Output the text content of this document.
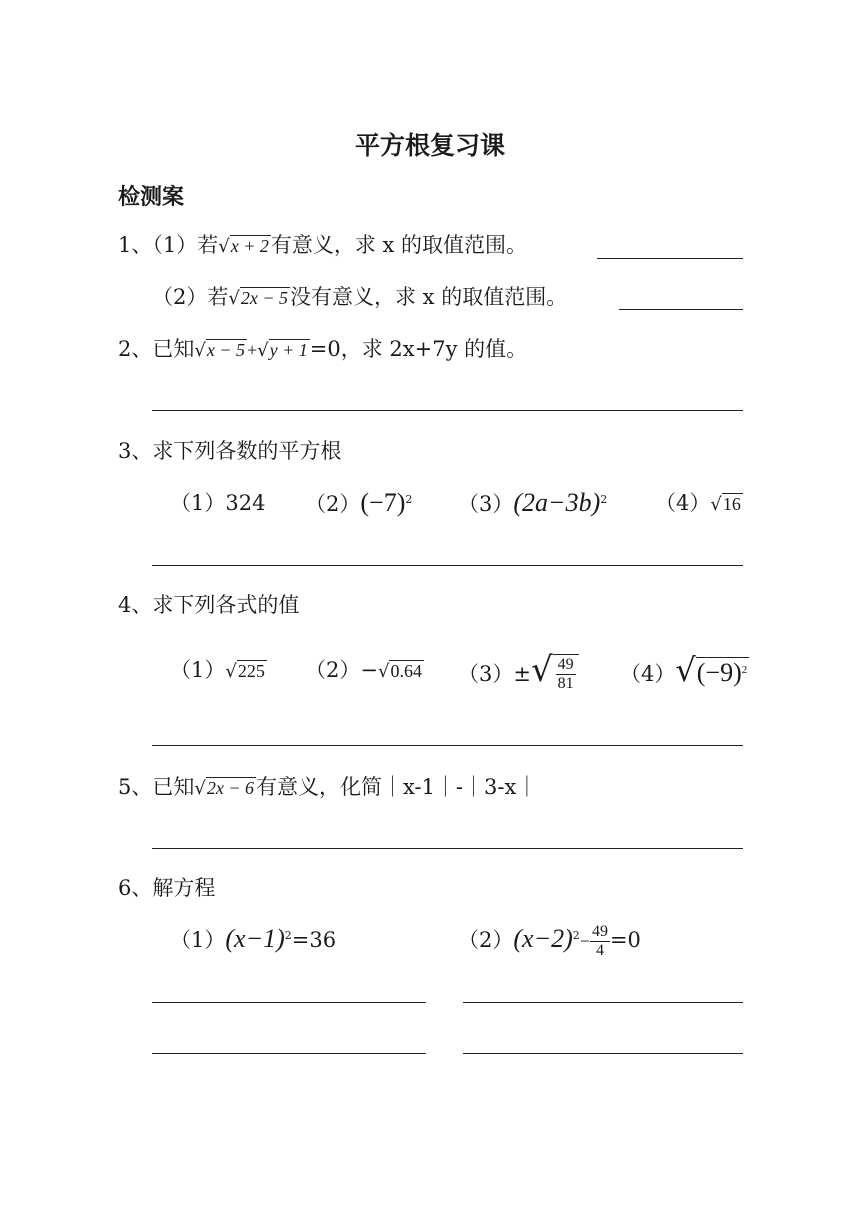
平方根复习课
检测案
1、（1）若√x + 2有意义，求 x 的取值范围。
（2）若√2x − 5没有意义，求 x 的取值范围。
2、已知√x − 5 +√y + 1=0，求 2x+7y 的值。
3、求下列各数的平方根
（1）324 $(2)(-7)^2$ $(3)(2a-3b)^2$ （4）√16
4、求下列各式的值
（1）√225 （2）−√0.64 $(3)\pm√ \frac{49}{81} (4)√(-9)^2$
5、已知√2x − 6有意义，化简｜x-1｜-｜3-x｜
6、解方程
$(1)(x-1)^2=36$	$(2)(x-2)^2- \frac{49}{4} =0$
